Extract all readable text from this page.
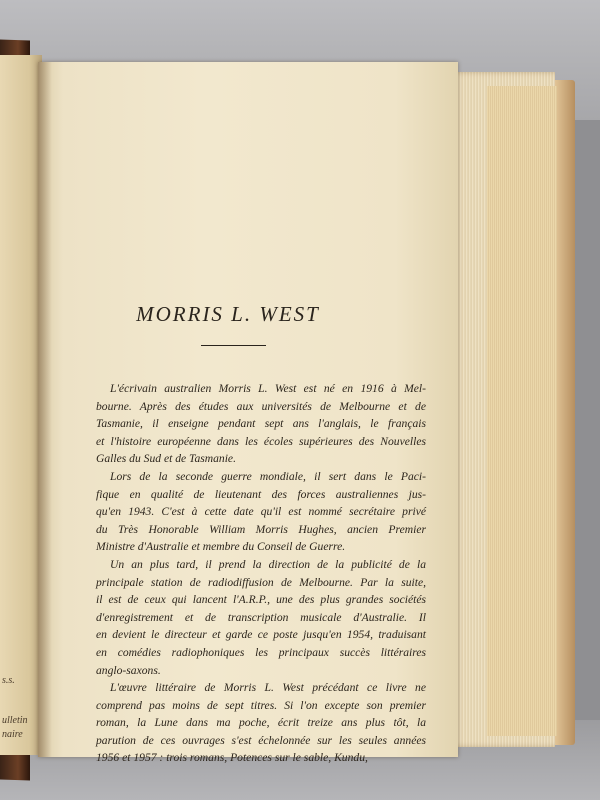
s.s.
ulletin
naire
MORRIS L. WEST

L'écrivain australien Morris L. West est né en 1916 à Mel-
bourne. Après des études aux universités de Melbourne et de
Tasmanie, il enseigne pendant sept ans l'anglais, le français
et l'histoire européenne dans les écoles supérieures des Nouvelles
Galles du Sud et de Tasmanie.

Lors de la seconde guerre mondiale, il sert dans le Paci-
fique en qualité de lieutenant des forces australiennes jus-
qu'en 1943. C'est à cette date qu'il est nommé secrétaire privé
du Très Honorable William Morris Hughes, ancien Premier
Ministre d'Australie et membre du Conseil de Guerre.

Un an plus tard, il prend la direction de la publicité de la
principale station de radiodiffusion de Melbourne. Par la suite,
il est de ceux qui lancent l'A.R.P., une des plus grandes sociétés
d'enregistrement et de transcription musicale d'Australie. Il
en devient le directeur et garde ce poste jusqu'en 1954, traduisant
en comédies radiophoniques les principaux succès littéraires
anglo-saxons.

L'œuvre littéraire de Morris L. West précédant ce livre ne
comprend pas moins de sept titres. Si l'on excepte son premier
roman, la Lune dans ma poche, écrit treize ans plus tôt, la
parution de ces ouvrages s'est échelonnée sur les seules années
1956 et 1957 : trois romans, Potences sur le sable, Kundu,
